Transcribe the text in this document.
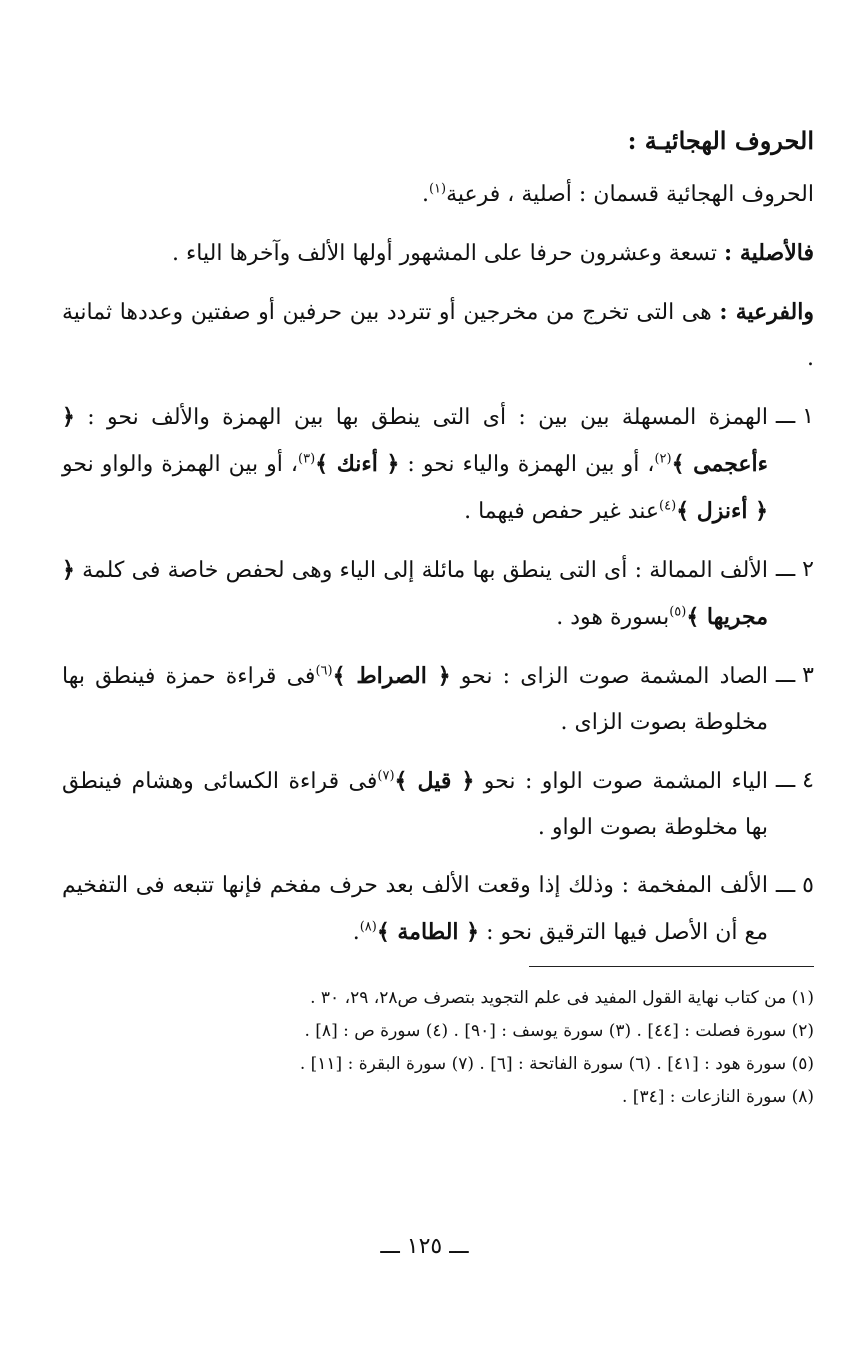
الحروف الهجائيـة :
الحروف الهجائية قسمان : أصلية ، فرعية$^{(١)}$.
فالأصلية : تسعة وعشرون حرفا على المشهور أولها الألف وآخرها الياء .
والفرعية : هى التى تخرج من مخرجين أو تتردد بين حرفين أو صفتين وعددها ثمانية .
١ ـــ
الهمزة المسهلة بين بين : أى التى ينطق بها بين الهمزة والألف نحو : ﴿ ءأعجمى ﴾$^{(٢)}$، أو بين الهمزة والياء نحو : ﴿ أءنك ﴾$^{(٣)}$، أو بين الهمزة والواو نحو ﴿ أءنزل ﴾$^{(٤)}$عند غير حفص فيهما .
٢ ـــ
الألف الممالة : أى التى ينطق بها مائلة إلى الياء وهى لحفص خاصة فى كلمة ﴿ مجريها ﴾$^{(٥)}$بسورة هود .
٣ ـــ
الصاد المشمة صوت الزاى : نحو ﴿ الصراط ﴾$^{(٦)}$فى قراءة حمزة فينطق بها مخلوطة بصوت الزاى .
٤ ـــ
الياء المشمة صوت الواو : نحو ﴿ قيل ﴾$^{(٧)}$فى قراءة الكسائى وهشام فينطق بها مخلوطة بصوت الواو .
٥ ـــ
الألف المفخمة : وذلك إذا وقعت الألف بعد حرف مفخم فإنها تتبعه فى التفخيم مع أن الأصل فيها الترقيق نحو : ﴿ الطامة ﴾$^{(٨)}$.
(١) من كتاب نهاية القول المفيد فى علم التجويد بتصرف ص٢٨، ٢٩، ٣٠ .
(٢) سورة فصلت : [٤٤] . (٣) سورة يوسف : [٩٠] . (٤) سورة ص : [٨] .
(٥) سورة هود : [٤١] . (٦) سورة الفاتحة : [٦] . (٧) سورة البقرة : [١١] .
(٨) سورة النازعات : [٣٤] .
ـــ ١٢٥ ـــ
